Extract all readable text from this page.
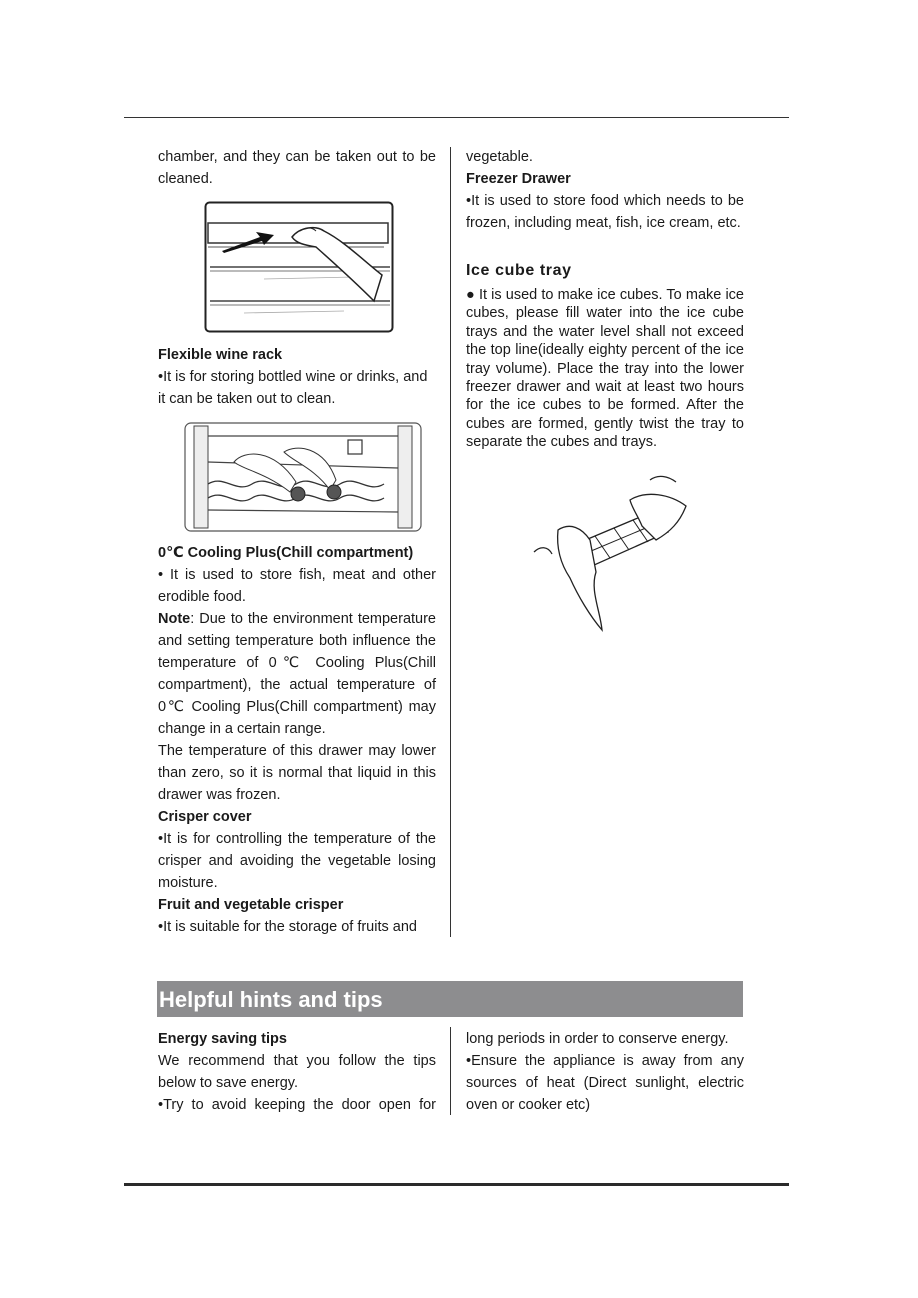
chamber, and they can be taken out to be cleaned.

Flexible wine rack

•It is for storing bottled wine or drinks, and it can be taken out to clean.

0℃ Cooling Plus(Chill compartment)

• It is used to store fish, meat and other erodible food.

Note: Due to the environment temperature and setting temperature both influence the temperature of 0℃ Cooling Plus(Chill compartment), the actual temperature of 0℃ Cooling Plus(Chill compartment) may change in a certain range.

The temperature of this drawer may lower than zero, so it is normal that liquid in this drawer was frozen.

Crisper cover

•It is for controlling the temperature of the crisper and avoiding the vegetable losing moisture.

Fruit and vegetable crisper

•It is suitable for the storage of fruits and

vegetable.

Freezer Drawer

•It is used to store food which needs to be frozen, including meat, fish, ice cream, etc.

Ice cube tray

● It is used to make ice cubes. To make ice cubes, please fill water into the ice cube trays and the water level shall not exceed the top line(ideally eighty percent of the ice tray volume). Place the tray into the lower freezer drawer and wait at least two hours for the ice cubes to be formed. After the cubes are formed, gently twist the tray to separate the cubes and trays.

Helpful hints and tips

Energy saving tips

We recommend that you follow the tips below to save energy.

•Try to avoid keeping the door open for

long periods in order to conserve energy.

•Ensure the appliance is away from any sources of heat (Direct sunlight, electric oven or cooker etc)
